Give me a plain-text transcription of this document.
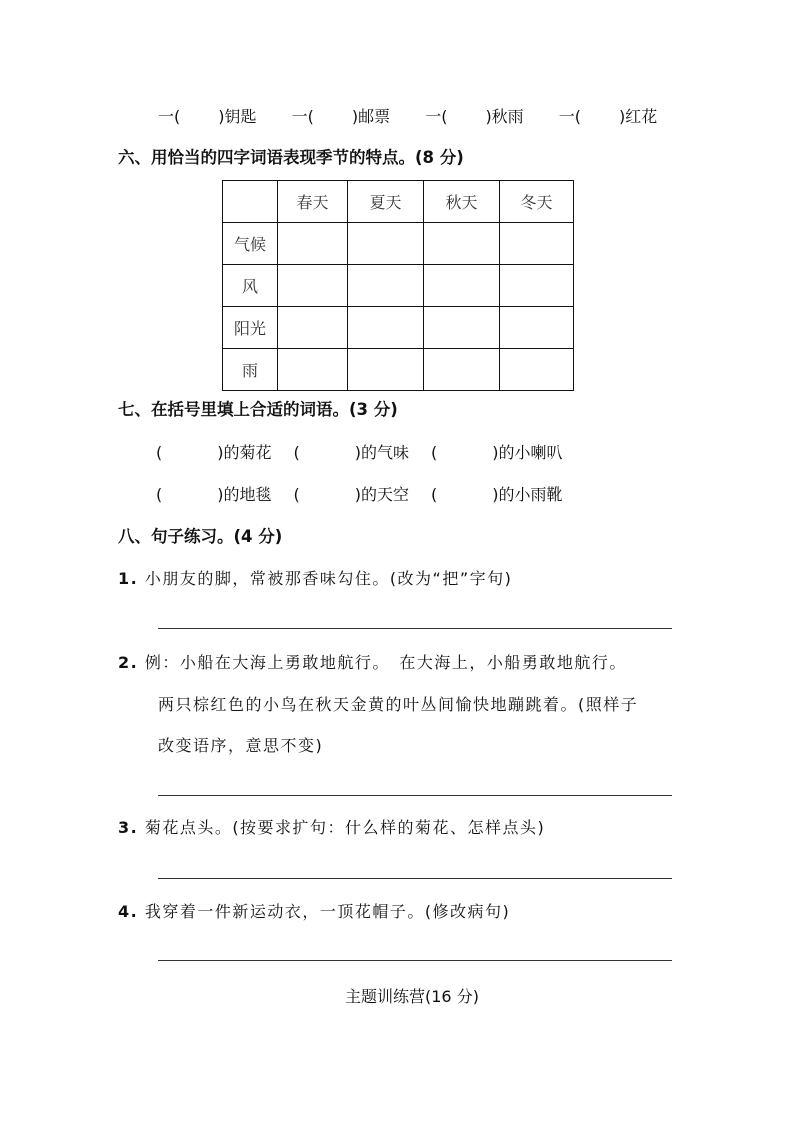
一( )钥匙 一( )邮票 一( )秋雨 一( )红花
六、用恰当的四字词语表现季节的特点。(8 分)
	春天	夏天	秋天	冬天
气候				
风				
阳光				
雨				
七、在括号里填上合适的词语。(3 分)
(	)的菊花 (	)的气味 (	)的小喇叭
(	)的地毯 (	)的天空 (	)的小雨靴
八、句子练习。(4 分)
1. 小朋友的脚，常被那香味勾住。(改为“把”字句)
2. 例：小船在大海上勇敢地航行。　在大海上，小船勇敢地航行。
两只棕红色的小鸟在秋天金黄的叶丛间愉快地蹦跳着。(照样子
改变语序，意思不变)
3. 菊花点头。(按要求扩句：什么样的菊花、怎样点头)
4. 我穿着一件新运动衣，一顶花帽子。(修改病句)
主题训练营(16 分)
